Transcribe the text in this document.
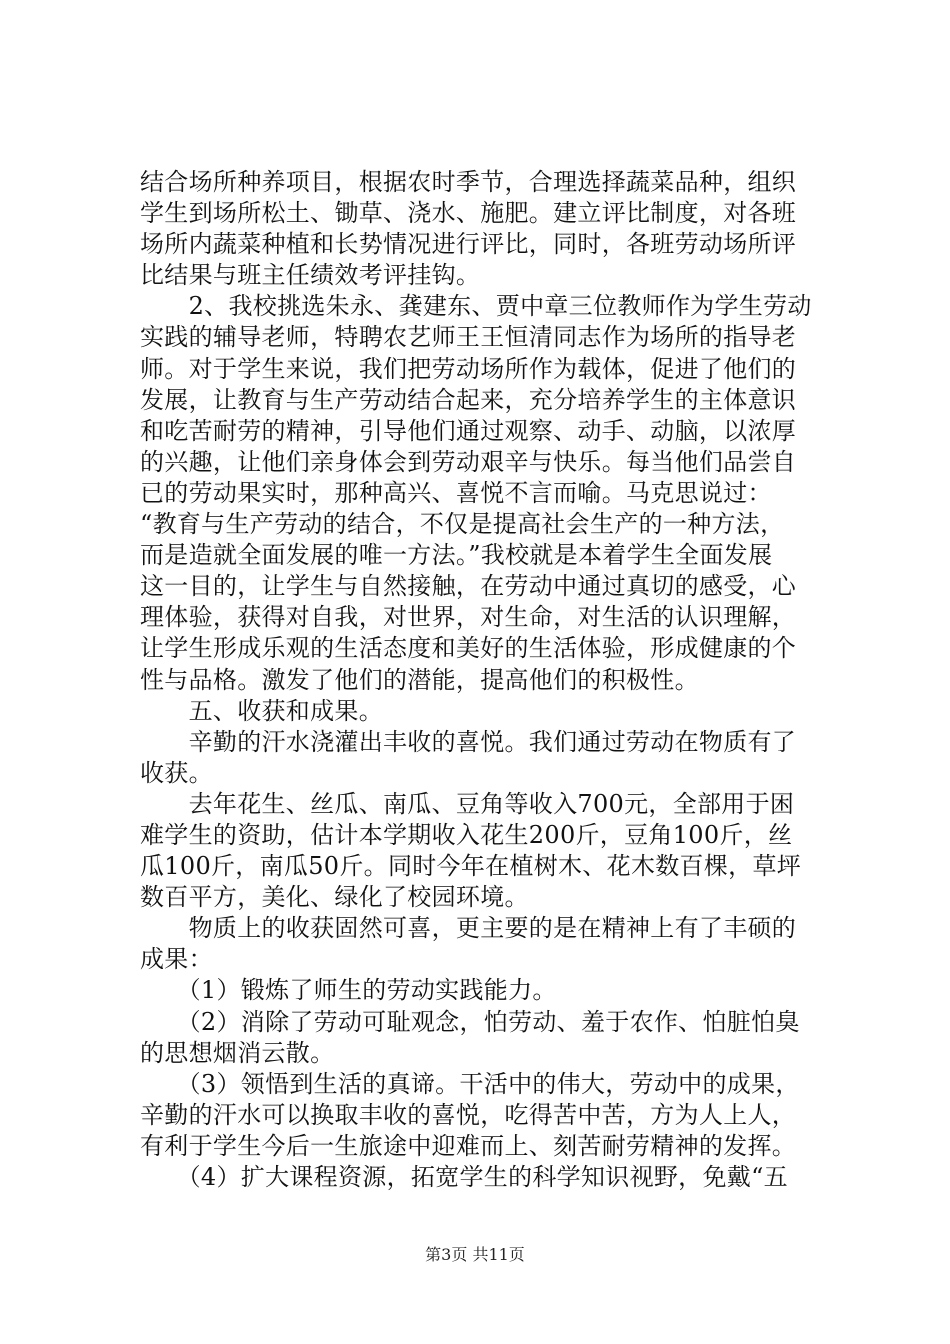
结合场所种养项目，根据农时季节，合理选择蔬菜品种，组织
学生到场所松土、锄草、浇水、施肥。建立评比制度，对各班
场所内蔬菜种植和长势情况进行评比，同时，各班劳动场所评
比结果与班主任绩效考评挂钩。
　　2、我校挑选朱永、龚建东、贾中章三位教师作为学生劳动
实践的辅导老师，特聘农艺师王王恒清同志作为场所的指导老
师。对于学生来说，我们把劳动场所作为载体，促进了他们的
发展，让教育与生产劳动结合起来，充分培养学生的主体意识
和吃苦耐劳的精神，引导他们通过观察、动手、动脑，以浓厚
的兴趣，让他们亲身体会到劳动艰辛与快乐。每当他们品尝自
已的劳动果实时，那种高兴、喜悦不言而喻。马克思说过：
“教育与生产劳动的结合，不仅是提高社会生产的一种方法，
而是造就全面发展的唯一方法。”我校就是本着学生全面发展
这一目的，让学生与自然接触，在劳动中通过真切的感受，心
理体验，获得对自我，对世界，对生命，对生活的认识理解，
让学生形成乐观的生活态度和美好的生活体验，形成健康的个
性与品格。激发了他们的潜能，提高他们的积极性。
　　五、收获和成果。
　　辛勤的汗水浇灌出丰收的喜悦。我们通过劳动在物质有了
收获。
　　去年花生、丝瓜、南瓜、豆角等收入700元，全部用于困
难学生的资助，估计本学期收入花生200斤，豆角100斤，丝
瓜100斤，南瓜50斤。同时今年在植树木、花木数百棵，草坪
数百平方，美化、绿化了校园环境。
　　物质上的收获固然可喜，更主要的是在精神上有了丰硕的
成果：
　　（1）锻炼了师生的劳动实践能力。
　　（2）消除了劳动可耻观念，怕劳动、羞于农作、怕脏怕臭
的思想烟消云散。
　　（3）领悟到生活的真谛。干活中的伟大，劳动中的成果，
辛勤的汗水可以换取丰收的喜悦，吃得苦中苦，方为人上人，
有利于学生今后一生旅途中迎难而上、刻苦耐劳精神的发挥。
　　（4）扩大课程资源，拓宽学生的科学知识视野，免戴“五
第3页 共11页
